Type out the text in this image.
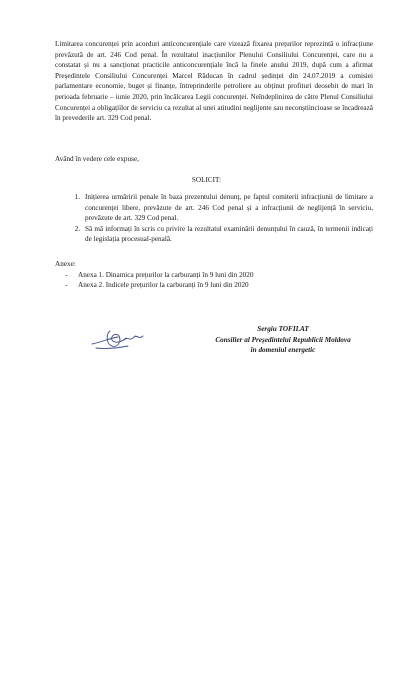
Limitarea concurenței prin acorduri anticoncurențiale care vizează fixarea prețurilor reprezintă o infracțiune prevăzută de art. 246 Cod penal. În rezultatul inacțiunilor Plenului Consiliului Concurenței, care nu a constatat și nu a sancționat practicile anticoncurențiale încă la finele anului 2019, după cum a afirmat Președintele Consiliului Concurenței Marcel Răducan în cadrul ședinței din 24.07.2019 a comisiei parlamentare economie, buget și finanțe, întreprinderile petroliere au obținut profituri deosebit de mari în perioada februarie – iunie 2020, prin încălcarea Legii concurenței. Neîndeplinirea de către Plenul Consiliului Concurenței a obligațiilor de serviciu ca rezultat al unei atitudini neglijente sau neconștiincioase se încadrează în prevederile art. 329 Cod penal.
Având în vedere cele expuse,
SOLICIT:
1. Inițierea urmăririi penale în baza prezentului denunț, pe faptul comiterii infracțiunii de limitare a concurenței libere, prevăzute de art. 246 Cod penal și a infracțiunii de neglijență în serviciu, prevăzute de art. 329 Cod penal.
2. Să mă informați în scris cu privire la rezultatul examinării denunțului în cauză, în termenii indicați de legislația procesual-penală.
Anexe:
-	Anexa 1. Dinamica prețurilor la carburanți în 9 luni din 2020
-	Anexa 2. Indicele prețurilor la carburanți în 9 luni din 2020
Sergiu TOFILAT
Consilier al Președintelui Republicii Moldova
în domeniul energetic
